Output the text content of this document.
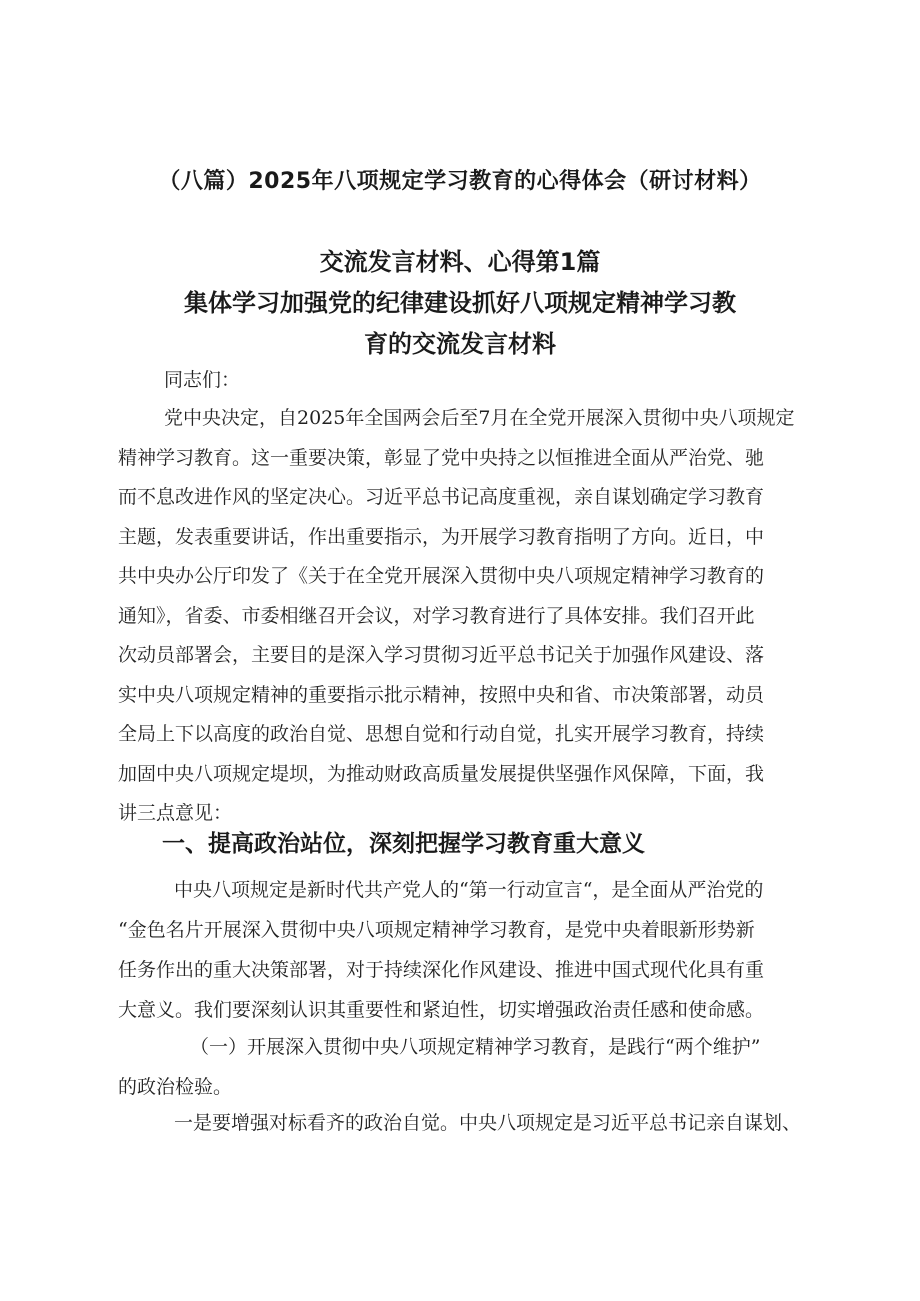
（八篇）2025年八项规定学习教育的心得体会（研讨材料）
交流发言材料、心得第1篇
集体学习加强党的纪律建设抓好八项规定精神学习教
育的交流发言材料
同志们：
党中央决定，自2025年全国两会后至7月在全党开展深入贯彻中央八项规定
精神学习教育。这一重要决策，彰显了党中央持之以恒推进全面从严治党、驰
而不息改进作风的坚定决心。习近平总书记高度重视，亲自谋划确定学习教育
主题，发表重要讲话，作出重要指示，为开展学习教育指明了方向。近日，中
共中央办公厅印发了《关于在全党开展深入贯彻中央八项规定精神学习教育的
通知》，省委、市委相继召开会议，对学习教育进行了具体安排。我们召开此
次动员部署会，主要目的是深入学习贯彻习近平总书记关于加强作风建设、落
实中央八项规定精神的重要指示批示精神，按照中央和省、市决策部署，动员
全局上下以高度的政治自觉、思想自觉和行动自觉，扎实开展学习教育，持续
加固中央八项规定堤坝，为推动财政高质量发展提供坚强作风保障，下面，我
讲三点意见：
一、提高政治站位，深刻把握学习教育重大意义
中央八项规定是新时代共产党人的“第一行动宣言“，是全面从严治党的
“金色名片开展深入贯彻中央八项规定精神学习教育，是党中央着眼新形势新
任务作出的重大决策部署，对于持续深化作风建设、推进中国式现代化具有重
大意义。我们要深刻认识其重要性和紧迫性，切实增强政治责任感和使命感。
（一）开展深入贯彻中央八项规定精神学习教育，是践行“两个维护”
的政治检验。
一是要增强对标看齐的政治自觉。中央八项规定是习近平总书记亲自谋划、
